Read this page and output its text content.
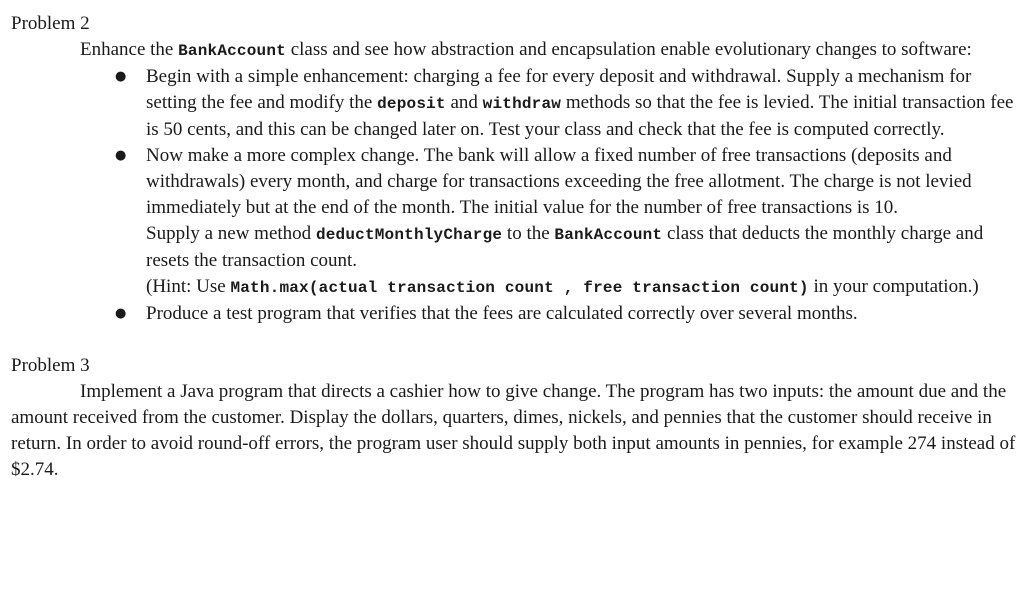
Problem 2

Enhance the BankAccount class and see how abstraction and encapsulation enable evolutionary changes to software:

● Begin with a simple enhancement: charging a fee for every deposit and withdrawal. Supply a mechanism for setting the fee and modify the deposit and withdraw methods so that the fee is levied. The initial transaction fee is 50 cents, and this can be changed later on. Test your class and check that the fee is computed correctly.
● Now make a more complex change. The bank will allow a fixed number of free transactions (deposits and withdrawals) every month, and charge for transactions exceeding the free allotment. The charge is not levied immediately but at the end of the month. The initial value for the number of free transactions is 10.
Supply a new method deductMonthlyCharge to the BankAccount class that deducts the monthly charge and resets the transaction count.
(Hint: Use Math.max(actual transaction count , free transaction count) in your computation.)
● Produce a test program that verifies that the fees are calculated correctly over several months.

Problem 3

Implement a Java program that directs a cashier how to give change. The program has two inputs: the amount due and the amount received from the customer. Display the dollars, quarters, dimes, nickels, and pennies that the customer should receive in return. In order to avoid round-off errors, the program user should supply both input amounts in pennies, for example 274 instead of $2.74.
